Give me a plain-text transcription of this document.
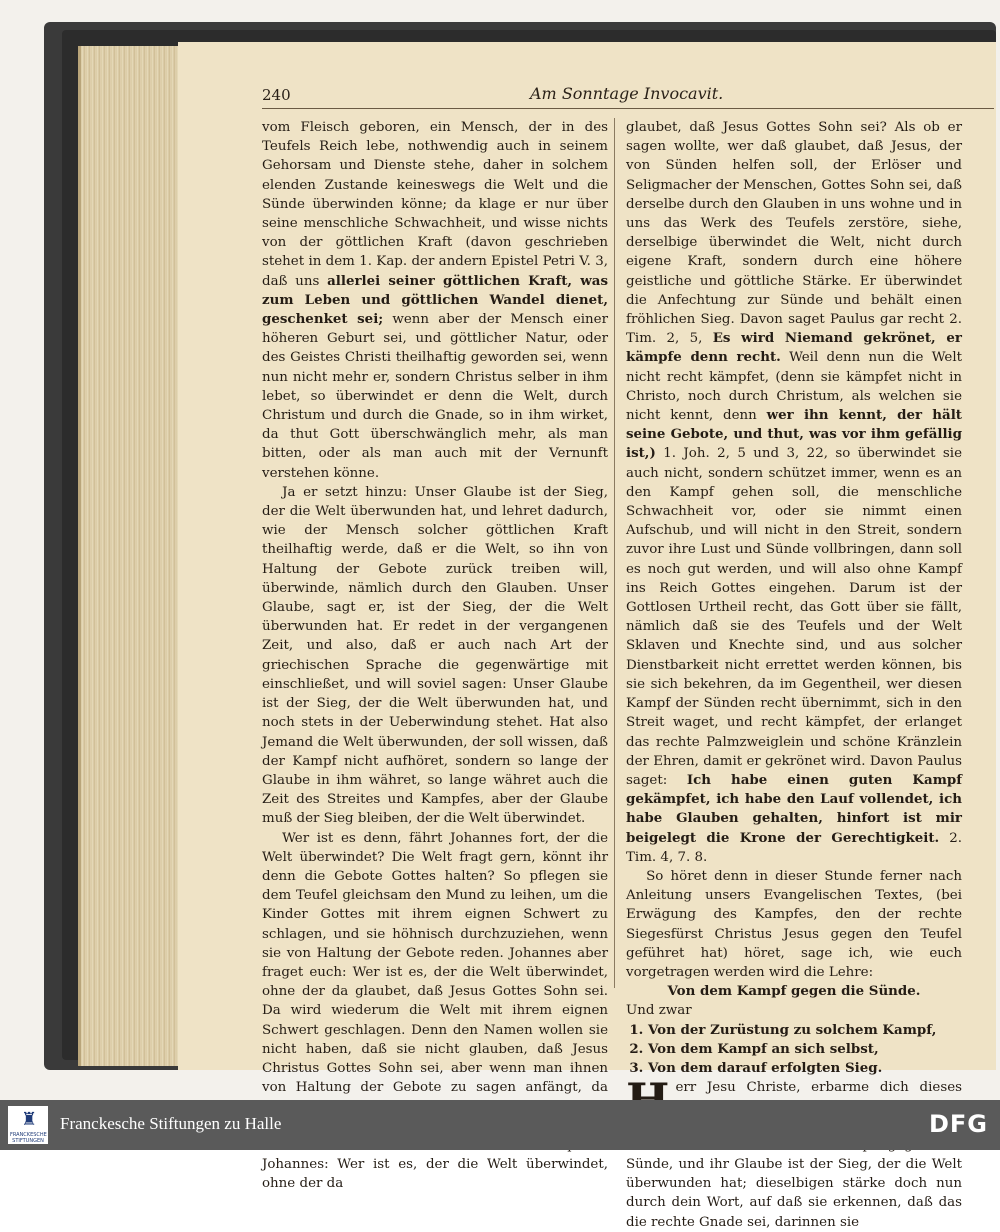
240	Am Sonntage Invocavit.

vom Fleisch geboren, ein Mensch, der in des Teufels Reich lebe, nothwendig auch in seinem Gehorsam und Dienste stehe, daher in solchem elenden Zustande keineswegs die Welt und die Sünde überwinden könne; da klage er nur über seine menschliche Schwachheit, und wisse nichts von der göttlichen Kraft (davon geschrieben stehet in dem 1. Kap. der andern Epistel Petri V. 3, daß uns allerlei seiner göttlichen Kraft, was zum Leben und göttlichen Wandel dienet, geschenket sei; wenn aber der Mensch einer höheren Geburt sei, und göttlicher Natur, oder des Geistes Christi theilhaftig geworden sei, wenn nun nicht mehr er, sondern Christus selber in ihm lebet, so überwindet er denn die Welt, durch Christum und durch die Gnade, so in ihm wirket, da thut Gott überschwänglich mehr, als man bitten, oder als man auch mit der Vernunft verstehen könne.

Ja er setzt hinzu: Unser Glaube ist der Sieg, der die Welt überwunden hat, und lehret dadurch, wie der Mensch solcher göttlichen Kraft theilhaftig werde, daß er die Welt, so ihn von Haltung der Gebote zurück treiben will, überwinde, nämlich durch den Glauben. Unser Glaube, sagt er, ist der Sieg, der die Welt überwunden hat. Er redet in der vergangenen Zeit, und also, daß er auch nach Art der griechischen Sprache die gegenwärtige mit einschließet, und will soviel sagen: Unser Glaube ist der Sieg, der die Welt überwunden hat, und noch stets in der Ueberwindung stehet. Hat also Jemand die Welt überwunden, der soll wissen, daß der Kampf nicht aufhöret, sondern so lange der Glaube in ihm währet, so lange währet auch die Zeit des Streites und Kampfes, aber der Glaube muß der Sieg bleiben, der die Welt überwindet.

Wer ist es denn, fährt Johannes fort, der die Welt überwindet? Die Welt fragt gern, könnt ihr denn die Gebote Gottes halten? So pflegen sie dem Teufel gleichsam den Mund zu leihen, um die Kinder Gottes mit ihrem eignen Schwert zu schlagen, und sie höhnisch durchzuziehen, wenn sie von Haltung der Gebote reden. Johannes aber fraget euch: Wer ist es, der die Welt überwindet, ohne der da glaubet, daß Jesus Gottes Sohn sei. Da wird wiederum die Welt mit ihrem eignen Schwert geschlagen. Denn den Namen wollen sie nicht haben, daß sie nicht glauben, daß Jesus Christus Gottes Sohn sei, aber wenn man ihnen von Haltung der Gebote zu sagen anfängt, da Johannes: Wer ist es, der die Welt überwindet, ohne der da

glaubet, daß Jesus Gottes Sohn sei? Als ob er sagen wollte, wer daß glaubet, daß Jesus, der von Sünden helfen soll, der Erlöser und Seligmacher der Menschen, Gottes Sohn sei, daß derselbe durch den Glauben in uns wohne und in uns das Werk des Teufels zerstöre, siehe, derselbige überwindet die Welt, nicht durch eigene Kraft, sondern durch eine höhere geistliche und göttliche Stärke. Er überwindet die Anfechtung zur Sünde und behält einen fröhlichen Sieg. Davon saget Paulus gar recht 2. Tim. 2, 5, Es wird Niemand gekrönet, er kämpfe denn recht. Weil denn nun die Welt nicht recht kämpfet, (denn sie kämpfet nicht in Christo, noch durch Christum, als welchen sie nicht kennt, denn wer ihn kennt, der hält seine Gebote, und thut, was vor ihm gefällig ist,) 1. Joh. 2, 5 und 3, 22, so überwindet sie auch nicht, sondern schützet immer, wenn es an den Kampf gehen soll, die menschliche Schwachheit vor, oder sie nimmt einen Aufschub, und will nicht in den Streit, sondern zuvor ihre Lust und Sünde vollbringen, dann soll es noch gut werden, und will also ohne Kampf ins Reich Gottes eingehen. Darum ist der Gottlosen Urtheil recht, das Gott über sie fällt, nämlich daß sie des Teufels und der Welt Sklaven und Knechte sind, und aus solcher Dienstbarkeit nicht errettet werden können, bis sie sich bekehren, da im Gegentheil, wer diesen Kampf der Sünden recht übernimmt, sich in den Streit waget, und recht kämpfet, der erlanget das rechte Palmzweiglein und schöne Kränzlein der Ehren, damit er gekrönet wird. Davon Paulus saget: Ich habe einen guten Kampf gekämpfet, ich habe den Lauf vollendet, ich habe Glauben gehalten, hinfort ist mir beigelegt die Krone der Gerechtigkeit. 2. Tim. 4, 7. 8.

So höret denn in dieser Stunde ferner nach Anleitung unsers Evangelischen Textes, (bei Erwägung des Kampfes, den der rechte Siegesfürst Christus Jesus gegen den Teufel geführet hat) höret, sage ich, wie euch vorgetragen werden wird die Lehre:

Von dem Kampf gegen die Sünde.

Und zwar

1. Von der Zurüstung zu solchem Kampf,
2. Von dem Kampf an sich selbst,
3. Von dem darauf erfolgten Sieg.

err Jesu Christe, erbarme dich dieses Sünde, und ihr Glaube ist der Sieg, der die Welt überwunden hat; dieselbigen stärke doch nun durch dein Wort, auf daß sie erkennen, daß das die rechte Gnade sei, darinnen sie

♜
FRANCKESCHE STIFTUNGEN
Franckesche Stiftungen zu Halle	DFG
